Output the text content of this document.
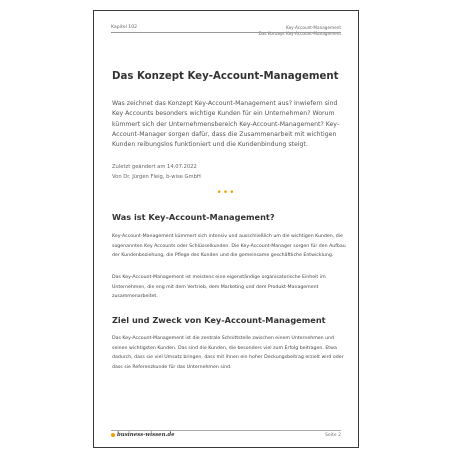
Kapitel 102	Key-Account-Management
Das Konzept Key-Account-Management
Das Konzept Key-Account-Management

Was zeichnet das Konzept Key-Account-Management aus? Inwiefern sind Key Accounts besonders wichtige Kunden für ein Unternehmen? Worum kümmert sich der Unternehmensbereich Key-Account-Management? Key-Account-Manager sorgen dafür, dass die Zusammenarbeit mit wichtigen Kunden reibungslos funktioniert und die Kundenbindung steigt.

Zuletzt geändert am 14.07.2022
Von Dr. Jürgen Fleig, b-wise GmbH
•••
Was ist Key-Account-Management?

Key-Account-Management kümmert sich intensiv und ausschließlich um die wichtigen Kunden, die sogenannten Key Accounts oder Schlüsselkunden. Die Key-Account-Manager sorgen für den Aufbau der Kundenbeziehung, die Pflege des Kunden und die gemeinsame geschäftliche Entwicklung.

Das Key-Account-Management ist meistens eine eigenständige organisatorische Einheit im Unternehmen, die eng mit dem Vertrieb, dem Marketing und dem Produkt-Management zusammenarbeitet.

Ziel und Zweck von Key-Account-Management

Das Key-Account-Management ist die zentrale Schnittstelle zwischen einem Unternehmen und seinen wichtigsten Kunden. Das sind die Kunden, die besonders viel zum Erfolg beitragen. Etwa dadurch, dass sie viel Umsatz bringen, dass mit ihnen ein hoher Deckungsbeitrag erzielt wird oder dass sie Referenzkunde für das Unternehmen sind.

business-wissen.de	Seite 2
